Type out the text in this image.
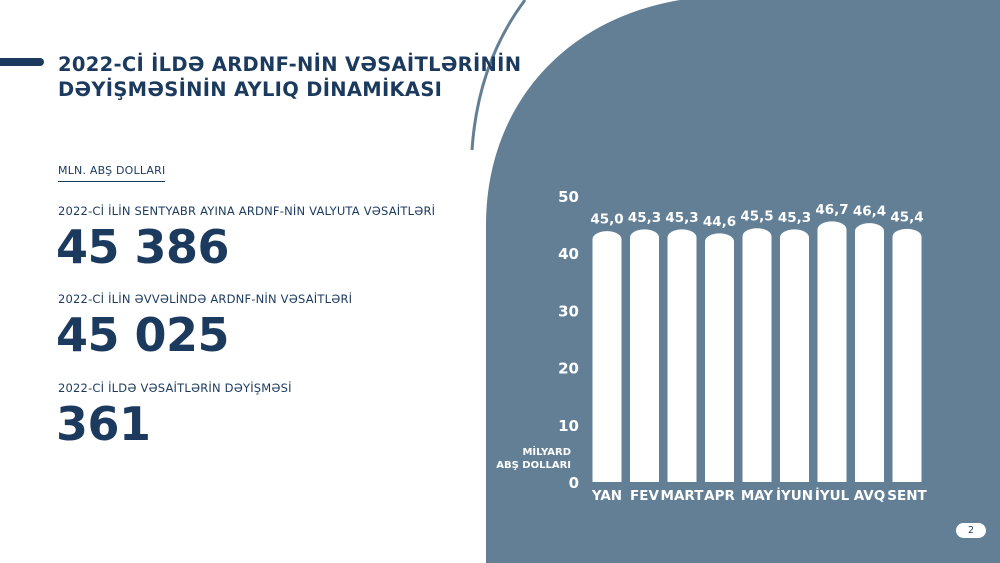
2022-Cİ İLDƏ ARDNF-NİN VƏSAİTLƏRİNİN DƏYİŞMƏSİNİN AYLIQ DİNAMİKASI
MLN. ABŞ DOLLARI
2022-Cİ İLİN SENTYABR AYINA ARDNF-NİN VALYUTA VƏSAİTLƏRİ
45 386
2022-Cİ İLİN ƏVVƏLİNDƏ ARDNF-NİN VƏSAİTLƏRİ
45 025
2022-Cİ İLDƏ VƏSAİTLƏRİN DƏYİŞMƏSİ
361
0
10
20
30
40
50
MİLYARD
ABŞ DOLLARI
45,0
YAN
45,3
FEV
45,3
MART
44,6
APR
45,5
MAY
45,3
İYUN
46,7
İYUL
46,4
AVQ
45,4
SENT
2
